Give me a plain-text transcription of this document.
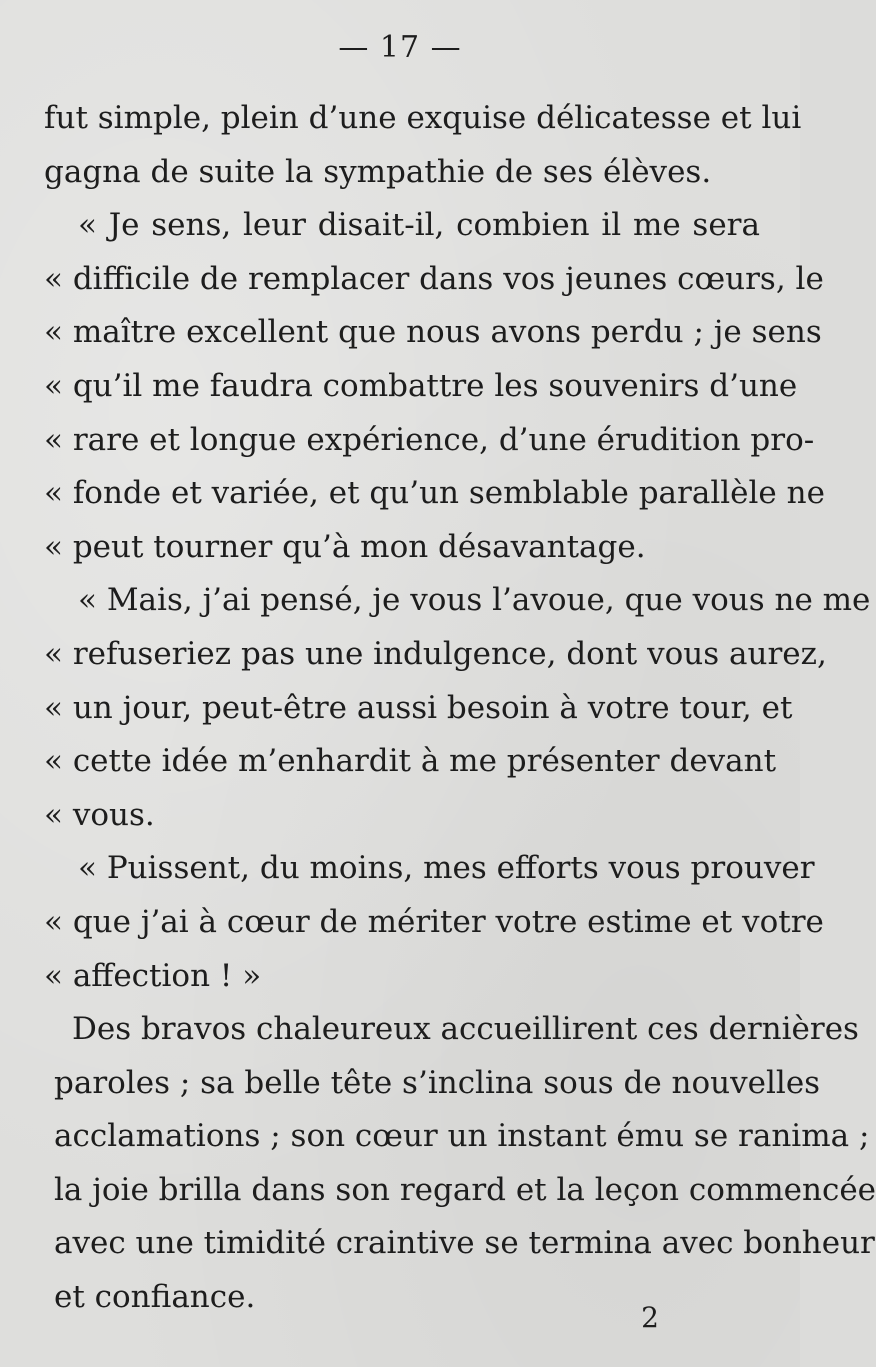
— 17 —
fut simple, plein d’une exquise délicatesse et lui
gagna de suite la sympathie de ses élèves.
« Je sens, leur disait-il, combien il me sera
« difficile de remplacer dans vos jeunes cœurs, le
« maître excellent que nous avons perdu ; je sens
« qu’il me faudra combattre les souvenirs d’une
« rare et longue expérience, d’une érudition pro-
« fonde et variée, et qu’un semblable parallèle ne
« peut tourner qu’à mon désavantage.
« Mais, j’ai pensé, je vous l’avoue, que vous ne me
« refuseriez pas une indulgence, dont vous aurez,
« un jour, peut-être aussi besoin à votre tour, et
« cette idée m’enhardit à me présenter devant
« vous.
« Puissent, du moins, mes efforts vous prouver
« que j’ai à cœur de mériter votre estime et votre
« affection ! »
Des bravos chaleureux accueillirent ces dernières
paroles ; sa belle tête s’inclina sous de nouvelles
acclamations ; son cœur un instant ému se ranima ;
la joie brilla dans son regard et la leçon commencée
avec une timidité craintive se termina avec bonheur
et confiance.
2
